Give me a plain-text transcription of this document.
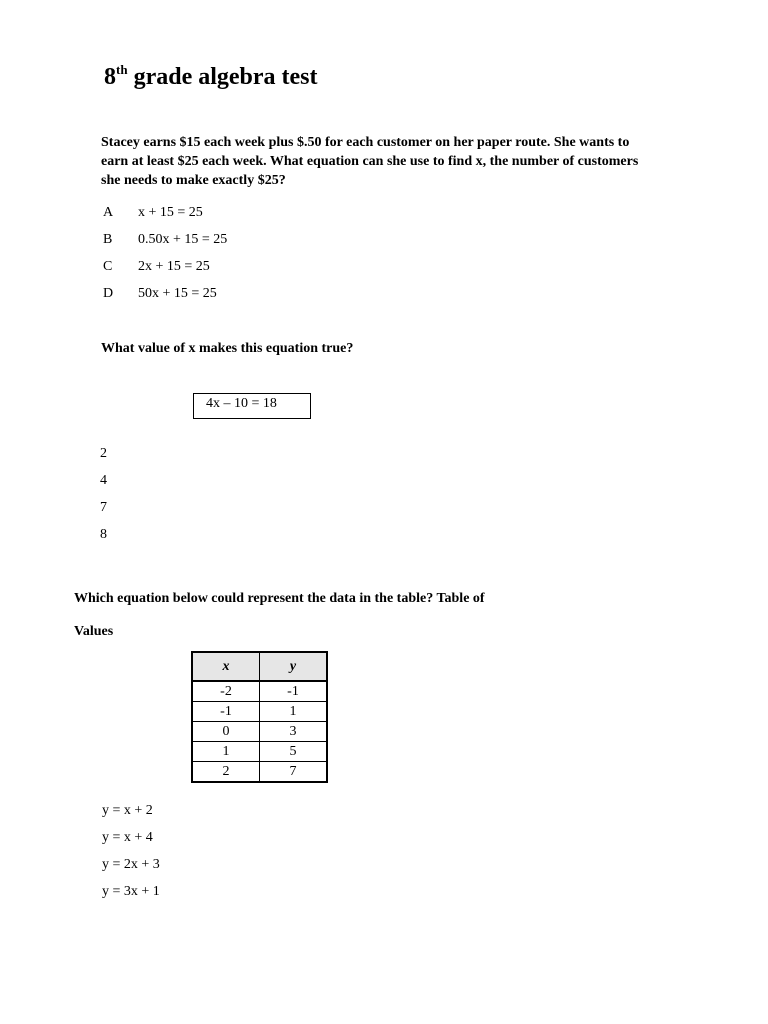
8th grade algebra test
Stacey earns $15 each week plus $.50 for each customer on her paper route. She wants to earn at least $25 each week. What equation can she use to find x, the number of customers she needs to make exactly $25?
A x + 15 = 25
B 0.50x + 15 = 25
C 2x + 15 = 25
D 50x + 15 = 25
What value of x makes this equation true?
4x – 10 = 18
2
4
7
8
Which equation below could represent the data in the table? Table of
Values
x	y
-2	-1
-1	1
0	3
1	5
2	7
y = x + 2
y = x + 4
y = 2x + 3
y = 3x + 1
